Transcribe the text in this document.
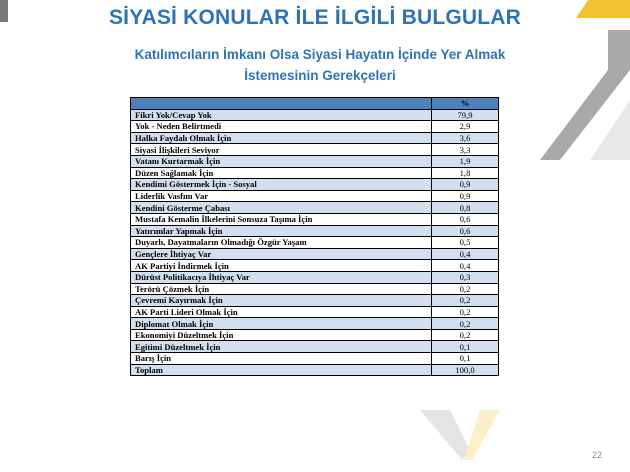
SİYASİ KONULAR İLE İLGİLİ BULGULAR
Katılımcıların İmkanı Olsa Siyasi Hayatın İçinde Yer Almak
İstemesinin Gerekçeleri
	%
Fikri Yok/Cevap Yok	79,9
Yok - Neden Belirtmedi	2,9
Halka Faydalı Olmak İçin	3,6
Siyasi İlişkileri Seviyor	3,3
Vatanı Kurtarmak İçin	1,9
Düzen Sağlamak İçin	1,8
Kendimi Göstermek İçin - Sosyal	0,9
Liderlik Vasfım Var	0,9
Kendini Gösterme Çabası	0,8
Mustafa Kemalin İlkelerini Sonsuza Taşıma İçin	0,6
Yatırımlar Yapmak İçin	0,6
Duyarlı, Dayatmaların Olmadığı Özgür Yaşam	0,5
Gençlere İhtiyaç Var	0,4
AK Partiyi İndirmek İçin	0,4
Dürüst Politikacıya İhtiyaç Var	0,3
Terörü Çözmek İçin	0,2
Çevremi Kayırmak İçin	0,2
AK Parti Lideri Olmak İçin	0,2
Diplomat Olmak İçin	0,2
Ekonomiyi Düzeltmek İçin	0,2
Egitimi Düzeltmek İçin	0,1
Barış İçin	0,1
Toplam	100,0
22
